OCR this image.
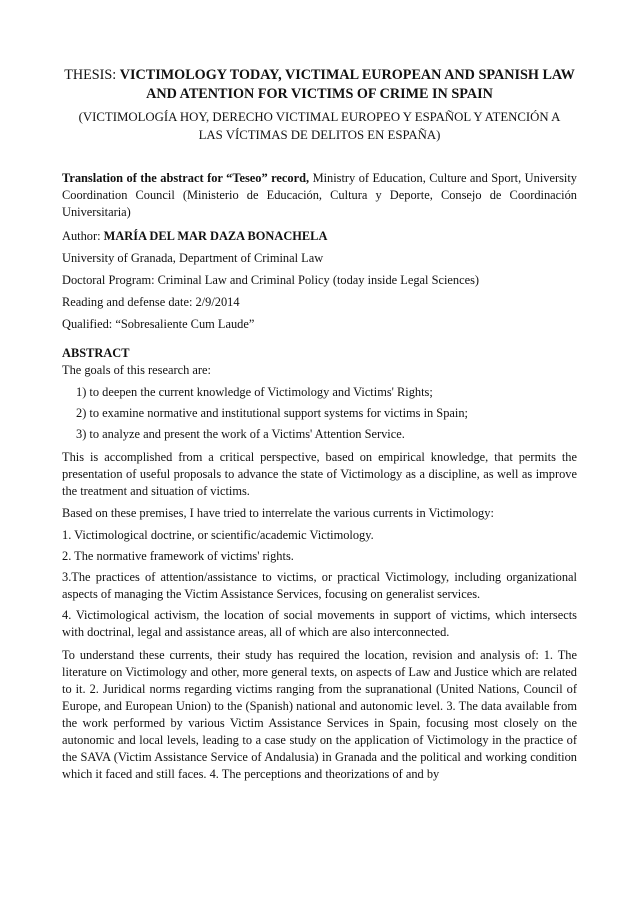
THESIS: VICTIMOLOGY TODAY, VICTIMAL EUROPEAN AND SPANISH LAW AND ATENTION FOR VICTIMS OF CRIME IN SPAIN
(VICTIMOLOGÍA HOY, DERECHO VICTIMAL EUROPEO Y ESPAÑOL Y ATENCIÓN A LAS VÍCTIMAS DE DELITOS EN ESPAÑA)

Translation of the abstract for “Teseo” record, Ministry of Education, Culture and Sport, University Coordination Council (Ministerio de Educación, Cultura y Deporte, Consejo de Coordinación Universitaria)

Author: MARÍA DEL MAR DAZA BONACHELA
University of Granada, Department of Criminal Law
Doctoral Program: Criminal Law and Criminal Policy (today inside Legal Sciences)
Reading and defense date: 2/9/2014
Qualified: “Sobresaliente Cum Laude”
ABSTRACT
The goals of this research are:
1) to deepen the current knowledge of Victimology and Victims' Rights;
2) to examine normative and institutional support systems for victims in Spain;
3) to analyze and present the work of a Victims' Attention Service.

This is accomplished from a critical perspective, based on empirical knowledge, that permits the presentation of useful proposals to advance the state of Victimology as a discipline, as well as improve the treatment and situation of victims.

Based on these premises, I have tried to interrelate the various currents in Victimology:
1. Victimological doctrine, or scientific/academic Victimology.
2. The normative framework of victims' rights.

3.The practices of attention/assistance to victims, or practical Victimology, including organizational aspects of managing the Victim Assistance Services, focusing on generalist services.

4. Victimological activism, the location of social movements in support of victims, which intersects with doctrinal, legal and assistance areas, all of which are also interconnected.

To understand these currents, their study has required the location, revision and analysis of: 1. The literature on Victimology and other, more general texts, on aspects of Law and Justice which are related to it. 2. Juridical norms regarding victims ranging from the supranational (United Nations, Council of Europe, and European Union) to the (Spanish) national and autonomic level. 3. The data available from the work performed by various Victim Assistance Services in Spain, focusing most closely on the autonomic and local levels, leading to a case study on the application of Victimology in the practice of the SAVA (Victim Assistance Service of Andalusia) in Granada and the political and working condition which it faced and still faces. 4. The perceptions and theorizations of and by
